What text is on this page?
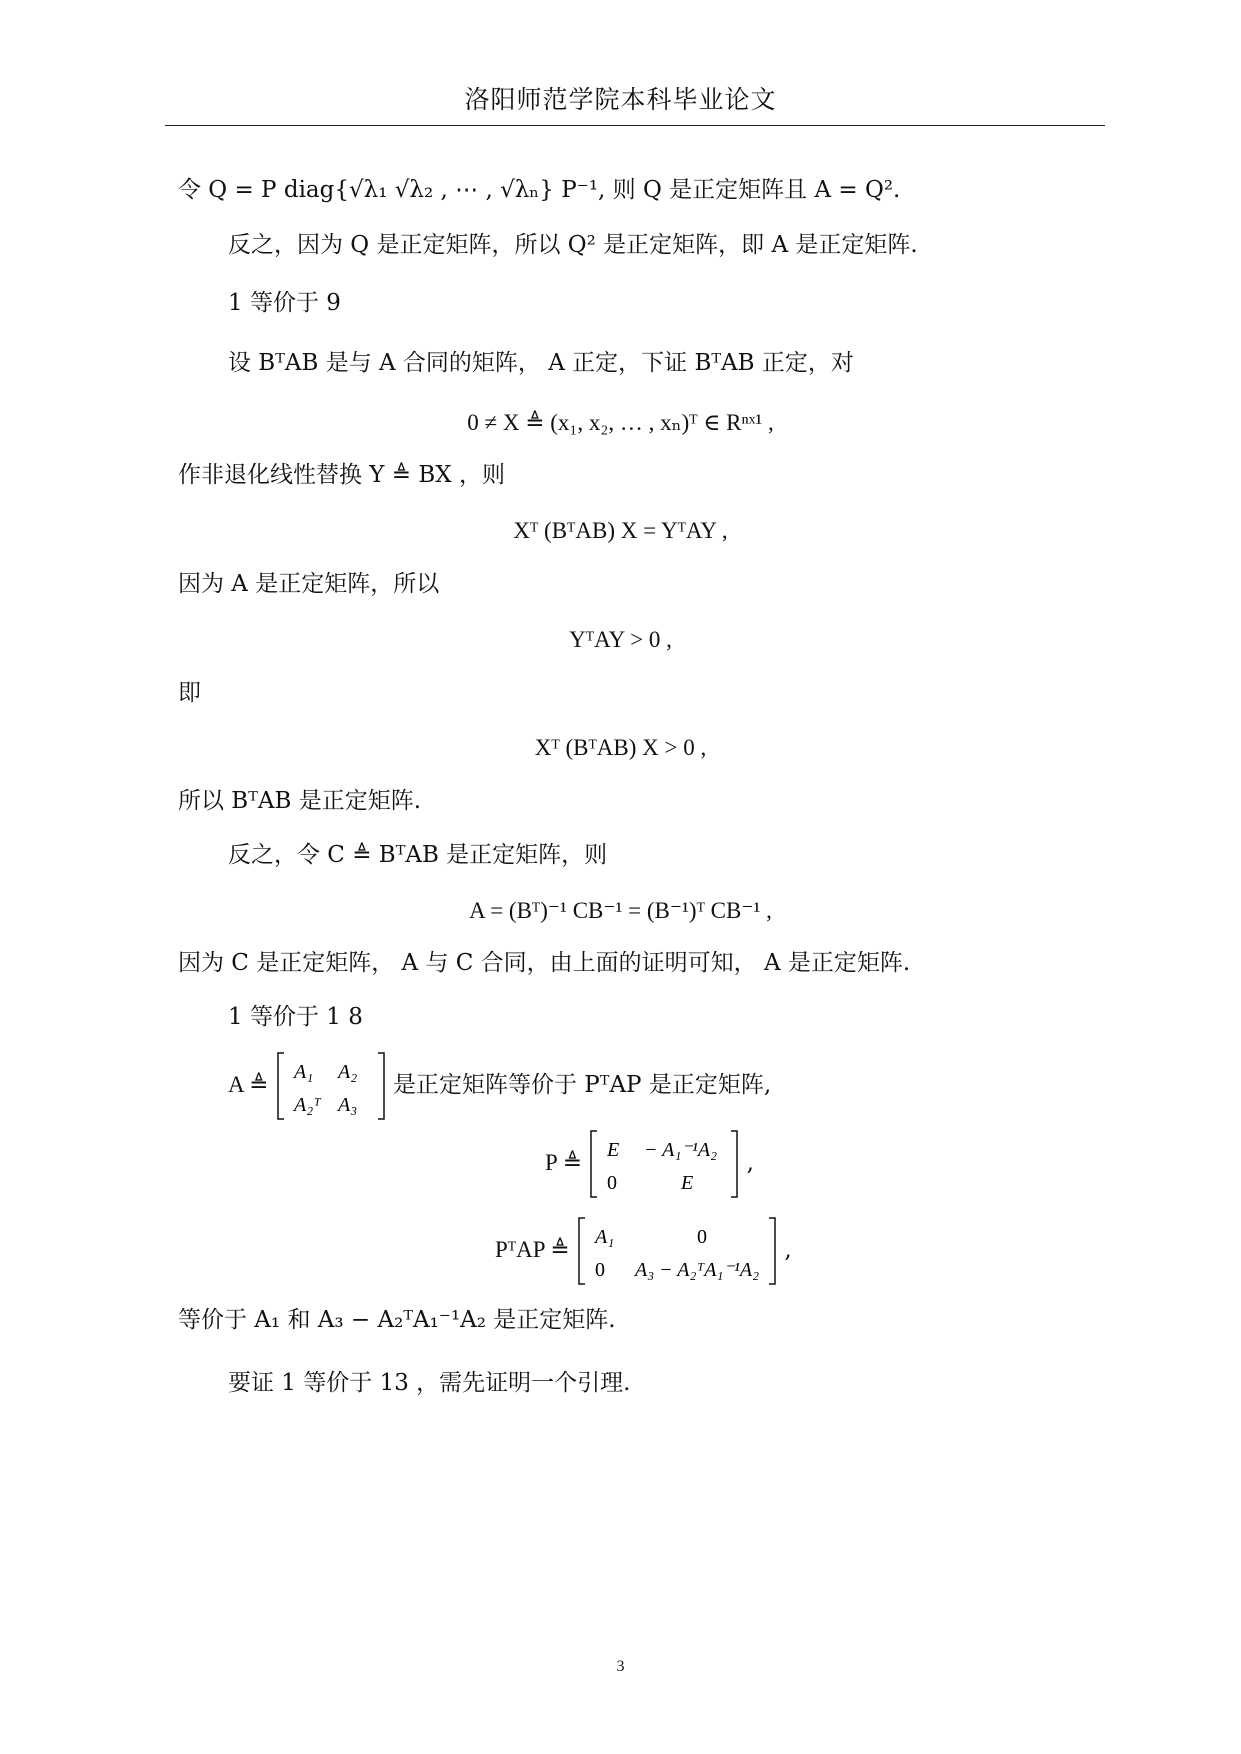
洛阳师范学院本科毕业论文
令 Q = P diag{√λ₁ √λ₂ , ⋯ , √λₙ} P⁻¹, 则 Q 是正定矩阵且 A = Q².
反之，因为 Q 是正定矩阵，所以 Q² 是正定矩阵，即 A 是正定矩阵.
1 等价于 9
设 BᵀAB 是与 A 合同的矩阵， A 正定，下证 BᵀAB 正定，对
0 ≠ X ≜ (x₁, x₂, … , xₙ)ᵀ ∈ Rⁿˣ¹ ,
作非退化线性替换 Y ≜ BX ，则
Xᵀ (BᵀAB) X = YᵀAY ,
因为 A 是正定矩阵，所以
YᵀAY > 0 ,
即
Xᵀ (BᵀAB) X > 0 ,
所以 BᵀAB 是正定矩阵.
反之，令 C ≜ BᵀAB 是正定矩阵，则
A = (Bᵀ)⁻¹ CB⁻¹ = (B⁻¹)ᵀ CB⁻¹ ,
因为 C 是正定矩阵， A 与 C 合同，由上面的证明可知， A 是正定矩阵.
1 等价于 1 8
A ≜ A₁ A₂
A₂ᵀ A₃
是正定矩阵等价于 PᵀAP 是正定矩阵,
P ≜ E − A₁⁻¹A₂
0	E
,
PᵀAP ≜ A₁	0
0 A₃ − A₂ᵀA₁⁻¹A₂
,
等价于 A₁ 和 A₃ − A₂ᵀA₁⁻¹A₂ 是正定矩阵.
要证 1 等价于 13 ，需先证明一个引理.
3
